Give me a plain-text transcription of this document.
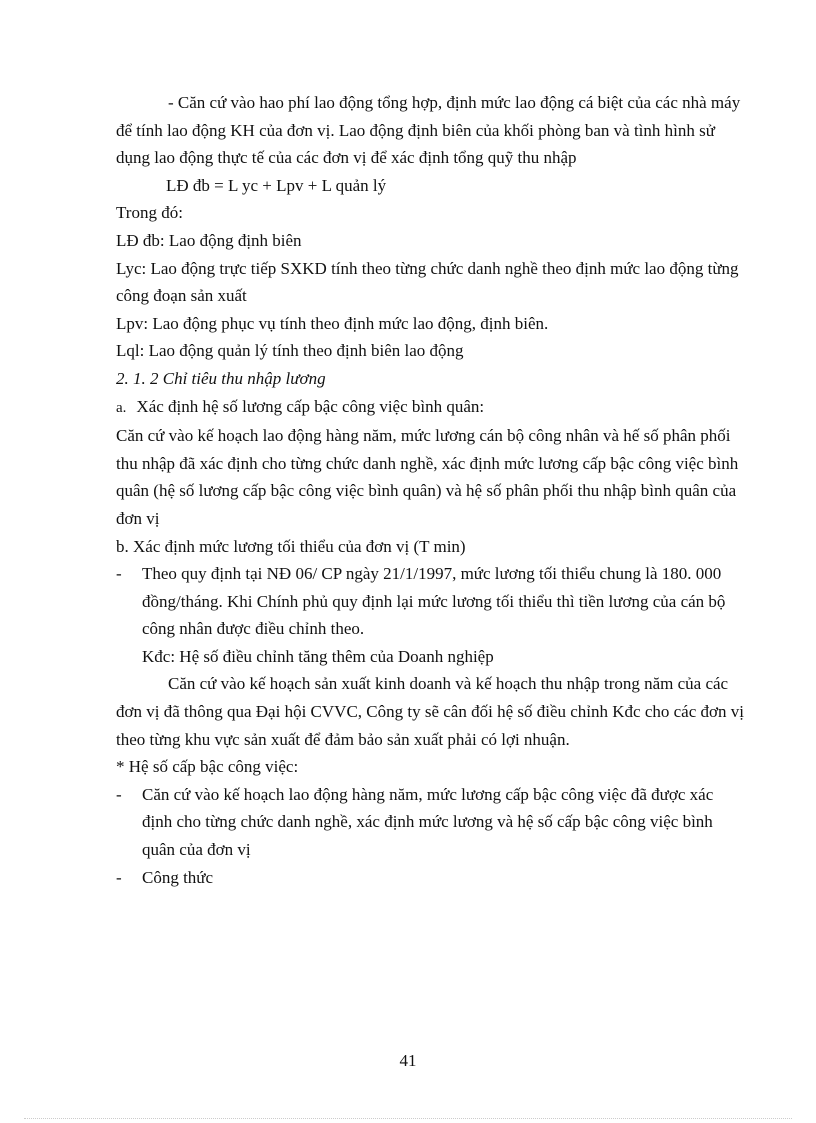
- Căn cứ vào hao phí lao động tổng hợp, định mức lao động cá biệt của các nhà máy để tính lao động KH của đơn vị. Lao động định biên của khối phòng ban và tình hình sử dụng lao động thực tế của các đơn vị để xác định tổng quỹ thu nhập

LĐ đb = L yc + Lpv + L quản lý

Trong đó:

LĐ đb: Lao động định biên

Lyc: Lao động trực tiếp SXKD tính theo từng chức danh nghề theo định mức lao động từng công đoạn sản xuất

Lpv: Lao động phục vụ tính theo định mức lao động, định biên.

Lql: Lao động quản lý tính theo định biên lao động

2. 1. 2 Chỉ tiêu thu nhập lương

a. Xác định hệ số lương cấp bậc công việc bình quân:

Căn cứ vào kế hoạch lao động hàng năm, mức lương cán bộ công nhân và hế số phân phối thu nhập đã xác định cho từng chức danh nghề, xác định mức lương cấp bậc công việc bình quân (hệ số lương cấp bậc công việc bình quân) và hệ số phân phối thu nhập bình quân của đơn vị

b. Xác định mức lương tối thiểu của đơn vị (T min)

- Theo quy định tại NĐ 06/ CP ngày 21/1/1997, mức lương tối thiểu chung là 180. 000 đồng/tháng. Khi Chính phủ quy định lại mức lương tối thiểu thì tiền lương của cán bộ công nhân được điều chỉnh theo.

Kđc: Hệ số điều chỉnh tăng thêm của Doanh nghiệp

Căn cứ vào kế hoạch sản xuất kinh doanh và kế hoạch thu nhập trong năm của các đơn vị đã thông qua Đại hội CVVC, Công ty sẽ cân đối hệ số điều chỉnh Kđc cho các đơn vị theo từng khu vực sản xuất để đảm bảo sản xuất phải có lợi nhuận.

* Hệ số cấp bậc công việc:

- Căn cứ vào kế hoạch lao động hàng năm, mức lương cấp bậc công việc đã được xác định cho từng chức danh nghề, xác định mức lương và hệ số cấp bậc công việc bình quân của đơn vị

- Công thức

41
